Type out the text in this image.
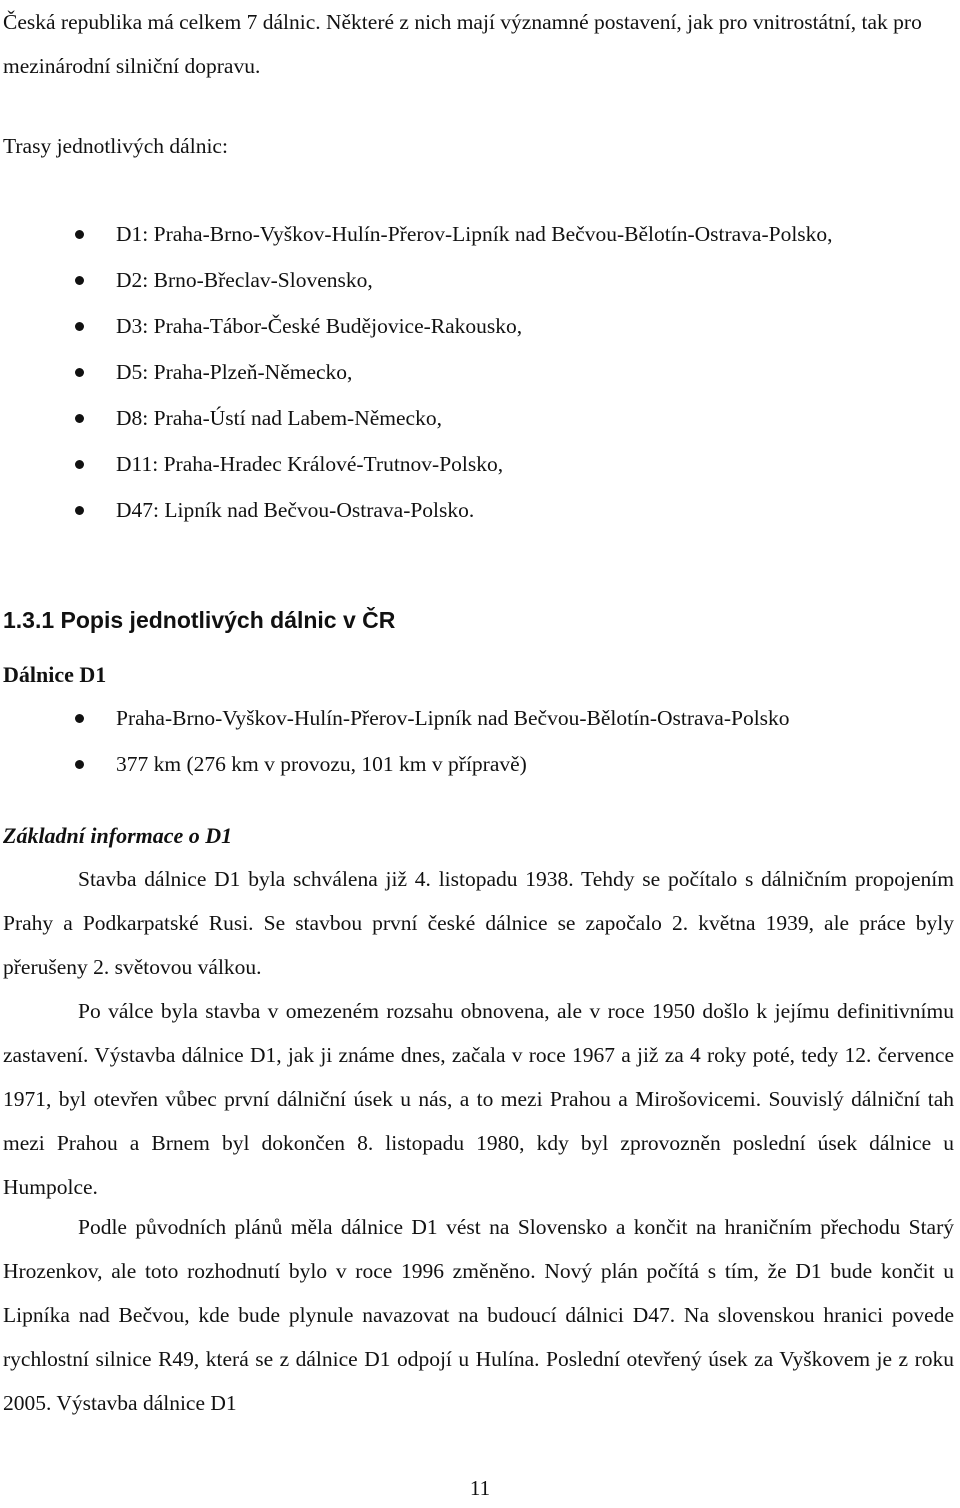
Česká republika má celkem 7 dálnic. Některé z nich mají významné postavení, jak pro vnitrostátní, tak pro mezinárodní silniční dopravu.

Trasy jednotlivých dálnic:

D1: Praha-Brno-Vyškov-Hulín-Přerov-Lipník nad Bečvou-Bělotín-Ostrava-Polsko,
D2: Brno-Břeclav-Slovensko,
D3: Praha-Tábor-České Budějovice-Rakousko,
D5: Praha-Plzeň-Německo,
D8: Praha-Ústí nad Labem-Německo,
D11: Praha-Hradec Králové-Trutnov-Polsko,
D47: Lipník nad Bečvou-Ostrava-Polsko.
1.3.1 Popis jednotlivých dálnic v ČR
Dálnice D1
Praha-Brno-Vyškov-Hulín-Přerov-Lipník nad Bečvou-Bělotín-Ostrava-Polsko
377 km (276 km v provozu, 101 km v přípravě)
Základní informace o D1

Stavba dálnice D1 byla schválena již 4. listopadu 1938. Tehdy se počítalo s dálničním propojením Prahy a Podkarpatské Rusi. Se stavbou první české dálnice se započalo 2. května 1939, ale práce byly přerušeny 2. světovou válkou.

Po válce byla stavba v omezeném rozsahu obnovena, ale v roce 1950 došlo k jejímu definitivnímu zastavení. Výstavba dálnice D1, jak ji známe dnes, začala v roce 1967 a již za 4 roky poté, tedy 12. července 1971, byl otevřen vůbec první dálniční úsek u nás, a to mezi Prahou a Mirošovicemi. Souvislý dálniční tah mezi Prahou a Brnem byl dokončen 8. listopadu 1980, kdy byl zprovozněn poslední úsek dálnice u Humpolce.

Podle původních plánů měla dálnice D1 vést na Slovensko a končit na hraničním přechodu Starý Hrozenkov, ale toto rozhodnutí bylo v roce 1996 změněno. Nový plán počítá s tím, že D1 bude končit u Lipníka nad Bečvou, kde bude plynule navazovat na budoucí dálnici D47. Na slovenskou hranici povede rychlostní silnice R49, která se z dálnice D1 odpojí u Hulína. Poslední otevřený úsek za Vyškovem je z roku 2005. Výstavba dálnice D1

11
